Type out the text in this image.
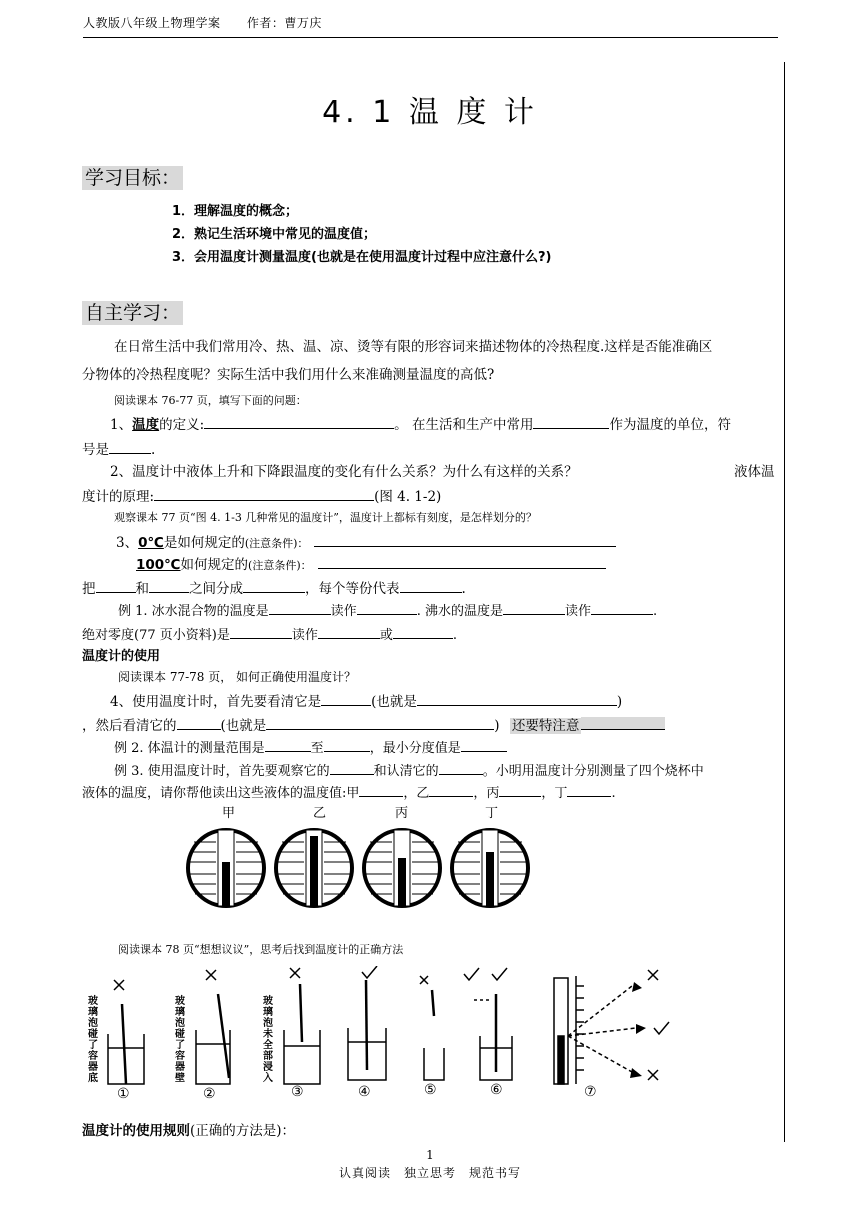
人教版八年级上物理学案 作者：曹万庆
4. 1 温 度 计
学习目标：
1．理解温度的概念；
2．熟记生活环境中常见的温度值；
3．会用温度计测量温度(也就是在使用温度计过程中应注意什么?)
自主学习：
在日常生活中我们常用冷、热、温、凉、烫等有限的形容词来描述物体的冷热程度.这样是否能准确区
分物体的冷热程度呢？实际生活中我们用什么来准确测量温度的高低?
阅读课本 76-77 页，填写下面的问题：
1、温度的定义:	。 在生活和生产中常用	作为温度的单位，符
号是	.
2、温度计中液体上升和下降跟温度的变化有什么关系？为什么有这样的关系？	液体温
度计的原理:	(图 4. 1-2)
观察课本 77 页“图 4. 1-3 几种常见的温度计”，温度计上都标有刻度，是怎样划分的？
3、0℃是如何规定的(注意条件)：
100℃如何规定的(注意条件)：
把	和	之间分成	，每个等份代表	.
例 1. 冰水混合物的温度是	读作	. 沸水的温度是	读作	.
绝对零度(77 页小资料)是	读作	或	.
温度计的使用
阅读课本 77-78 页， 如何正确使用温度计？
4、使用温度计时，首先要看清它是	(也就是	)
，然后看清它的	(也就是	) 还要特注意
例 2. 体温计的测量范围是	至	，最小分度值是
例 3. 使用温度计时，首先要观察它的	和认清它的	。小明用温度计分别测量了四个烧杯中
液体的温度，请你帮他读出这些液体的温度值:甲	，乙	，丙	，丁	.
甲	乙	丙	丁
阅读课本 78 页“想想议议”，思考后找到温度计的正确方法
玻璃泡碰了容器底
玻璃泡碰了容器壁
玻璃泡未全部浸入
①	②	③	④	⑤	⑥	⑦
温度计的使用规则(正确的方法是)：
1
认真阅读　独立思考　规范书写
